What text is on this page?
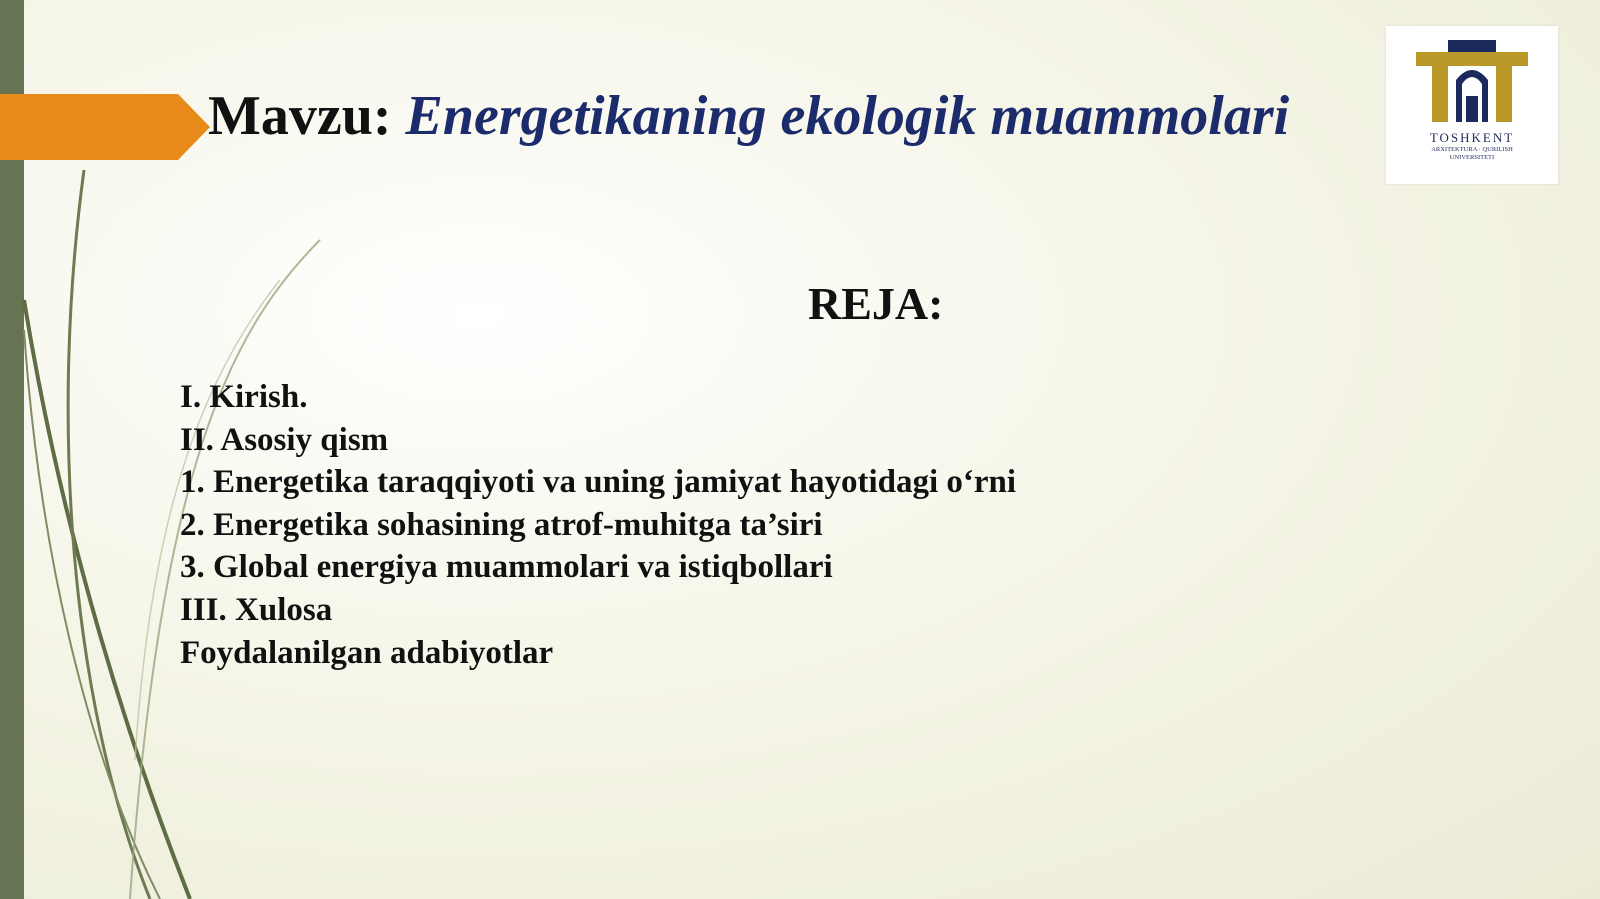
Mavzu: Energetikaning ekologik muammolari	TOSHKENT
ARXITEKTURA · QURILISH
UNIVERSITETI
REJA:
I. Kirish.
II. Asosiy qism
1. Energetika taraqqiyoti va uning jamiyat hayotidagi o‘rni
2. Energetika sohasining atrof-muhitga ta’siri
3. Global energiya muammolari va istiqbollari
III. Xulosa
Foydalanilgan adabiyotlar
